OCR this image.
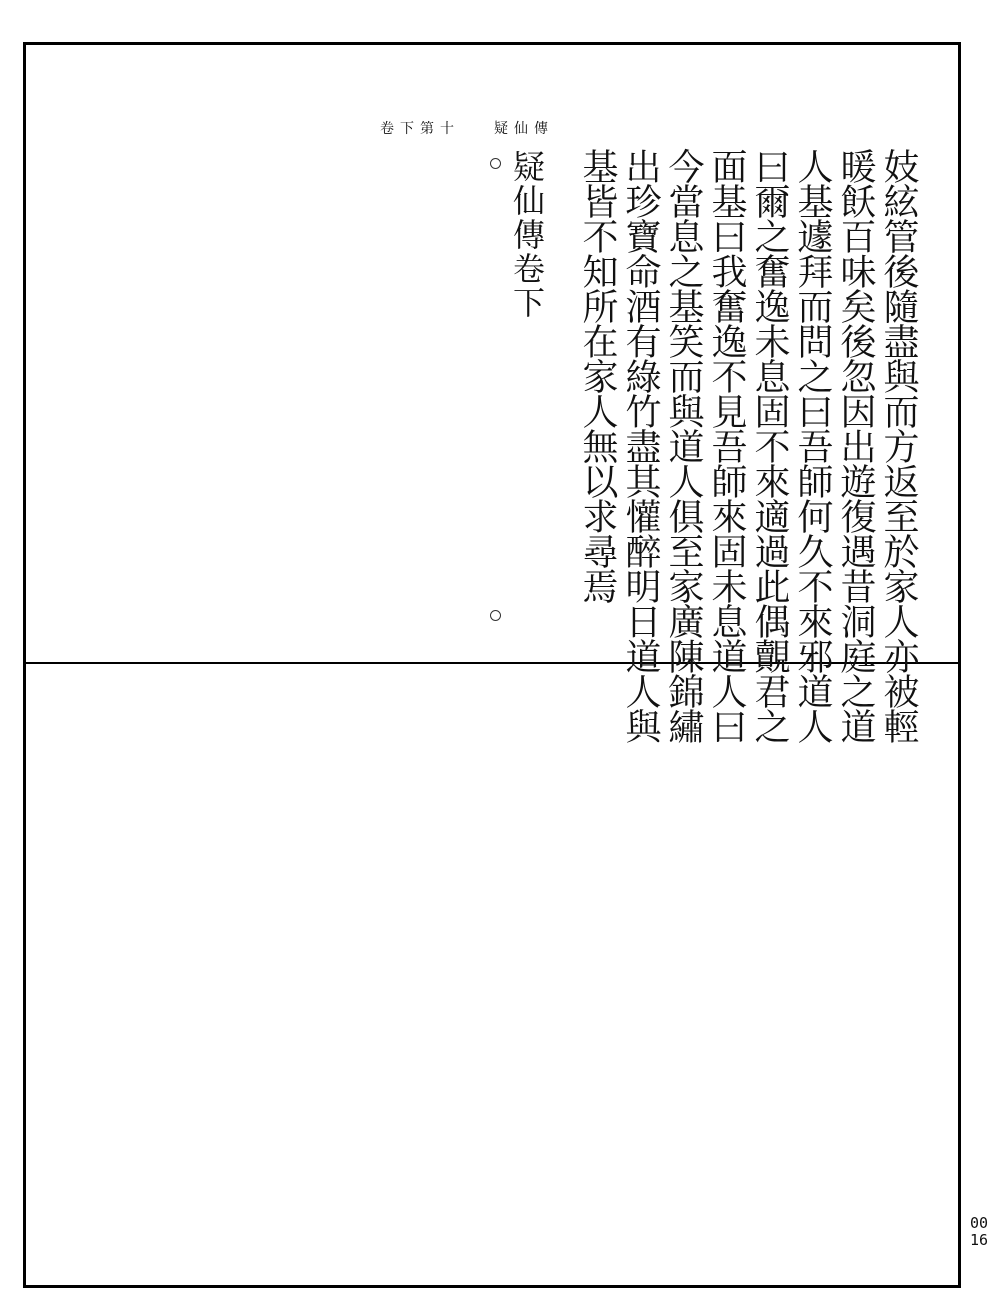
卷下第十 疑仙傳
妓絃管後隨盡與而方返至於家人亦被輕
暖飫百味矣後忽因出遊復遇昔洞庭之道
人基遽拜而問之曰吾師何久不來邪道人
曰爾之奮逸未息固不來適過此偶覿君之
面基曰我奮逸不見吾師來固未息道人曰
今當息之基笑而與道人俱至家廣陳錦繡
出珍寶命酒有綠竹盡其懽醉明日道人與
基皆不知所在家人無以求尋焉
疑仙傳卷下
0016
